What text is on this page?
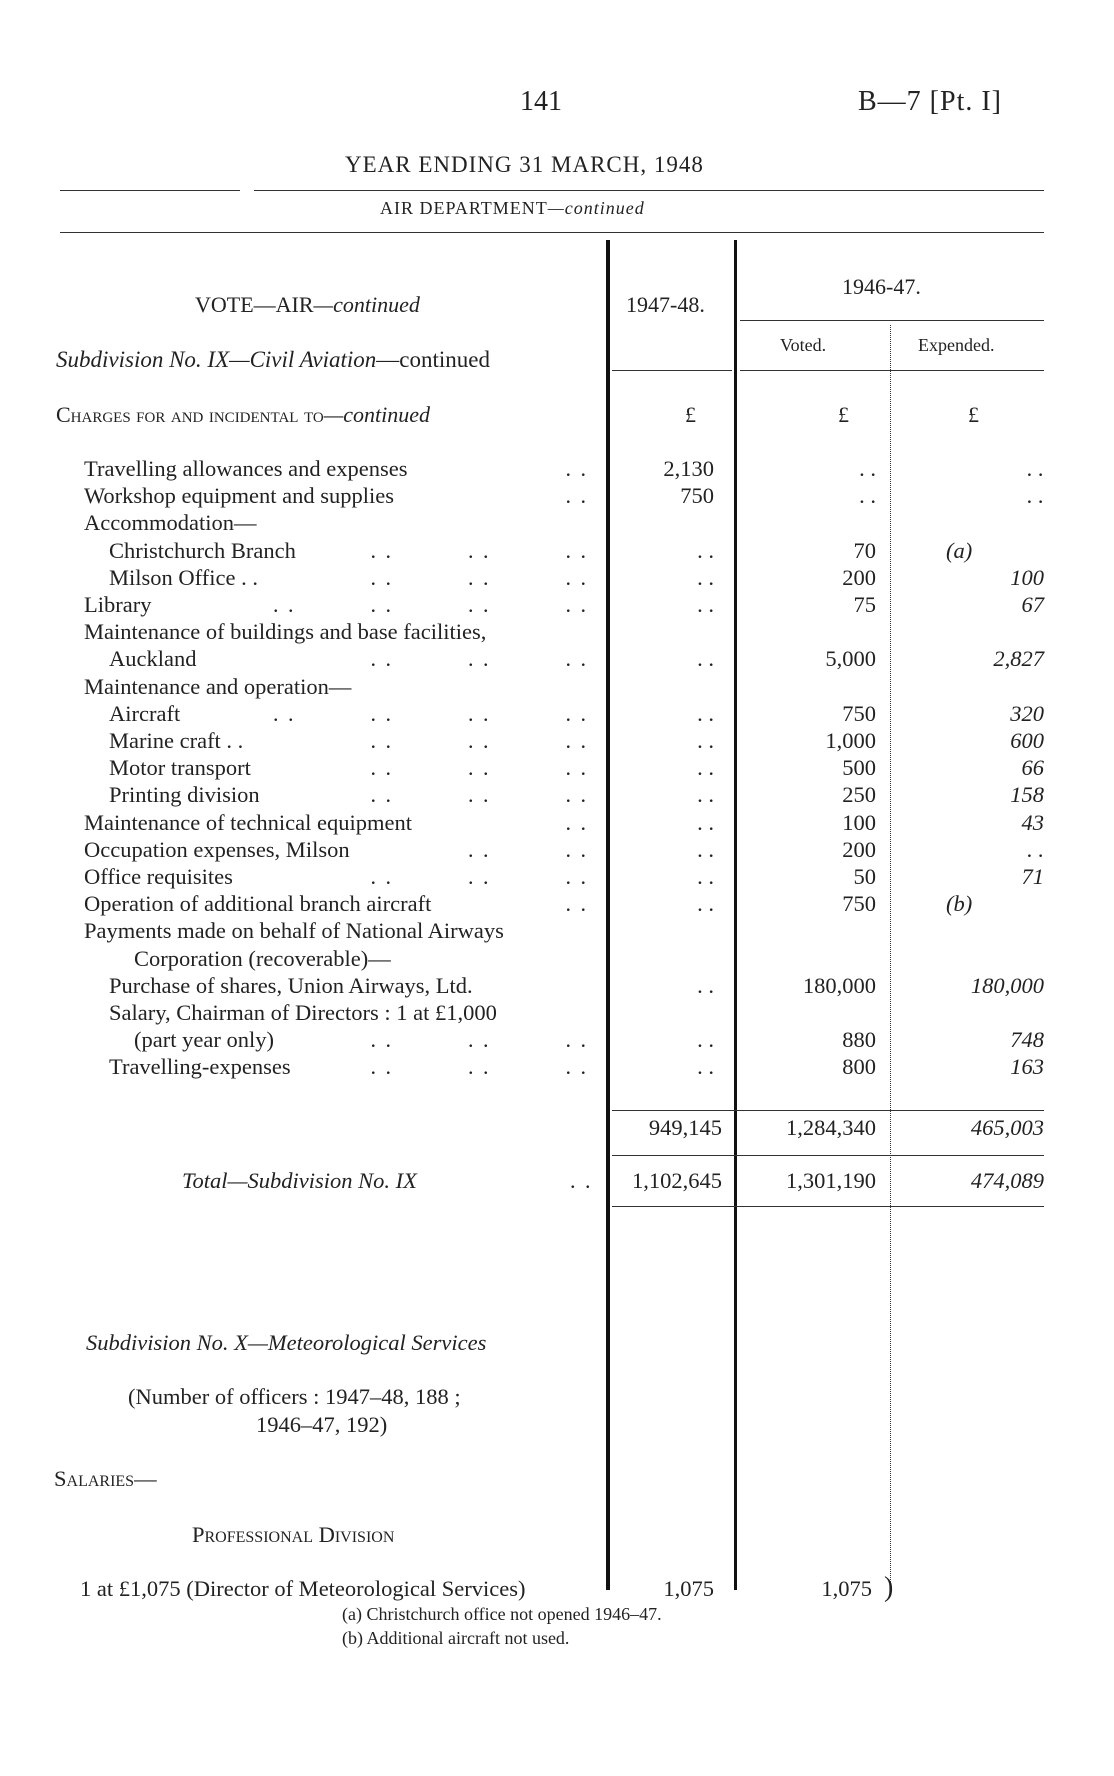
141	B—7 [Pt. I]
YEAR ENDING 31 MARCH, 1948
AIR DEPARTMENT—continued
VOTE—AIR—continued
Subdivision No. IX—Civil Aviation—continued
Charges for and incidental to—continued
1947-48.
1946-47.
Voted.	Expended.
£	£	£
Travelling allowances and expenses	. .	2,130	. .	. .
Workshop equipment and supplies	. .	750	. .	. .
Accommodation—
Christchurch Branch	. .          . .          . .	. .	70	(a)
Milson Office . .	. .          . .          . .	. .	200	100
Library	. .          . .          . .          . .	. .	75	67
Maintenance of buildings and base facilities,
Auckland	. .          . .          . .	. .	5,000	2,827
Maintenance and operation—
Aircraft	. .          . .          . .          . .	. .	750	320
Marine craft . .	. .          . .          . .	. .	1,000	600
Motor transport	. .          . .          . .	. .	500	66
Printing division	. .          . .          . .	. .	250	158
Maintenance of technical equipment	. .	. .	100	43
Occupation expenses, Milson	. .          . .	. .	200	. .
Office requisites	. .          . .          . .	. .	50	71
Operation of additional branch aircraft	. .	. .	750	(b)
Payments made on behalf of National Airways
Corporation (recoverable)—
Purchase of shares, Union Airways, Ltd.	. .	180,000	180,000
Salary, Chairman of Directors : 1 at £1,000
(part year only)	. .          . .          . .	. .	880	748
Travelling-expenses	. .          . .          . .	. .	800	163
949,145	1,284,340	465,003
Total—Subdivision No. IX	. .	1,102,645	1,301,190	474,089
Subdivision No. X—Meteorological Services
(Number of officers : 1947–48, 188 ;
1946–47, 192)
Salaries—
Professional Division
1 at £1,075 (Director of Meteorological Services)	1,075	1,075 )
(a) Christchurch office not opened 1946–47.
(b) Additional aircraft not used.
